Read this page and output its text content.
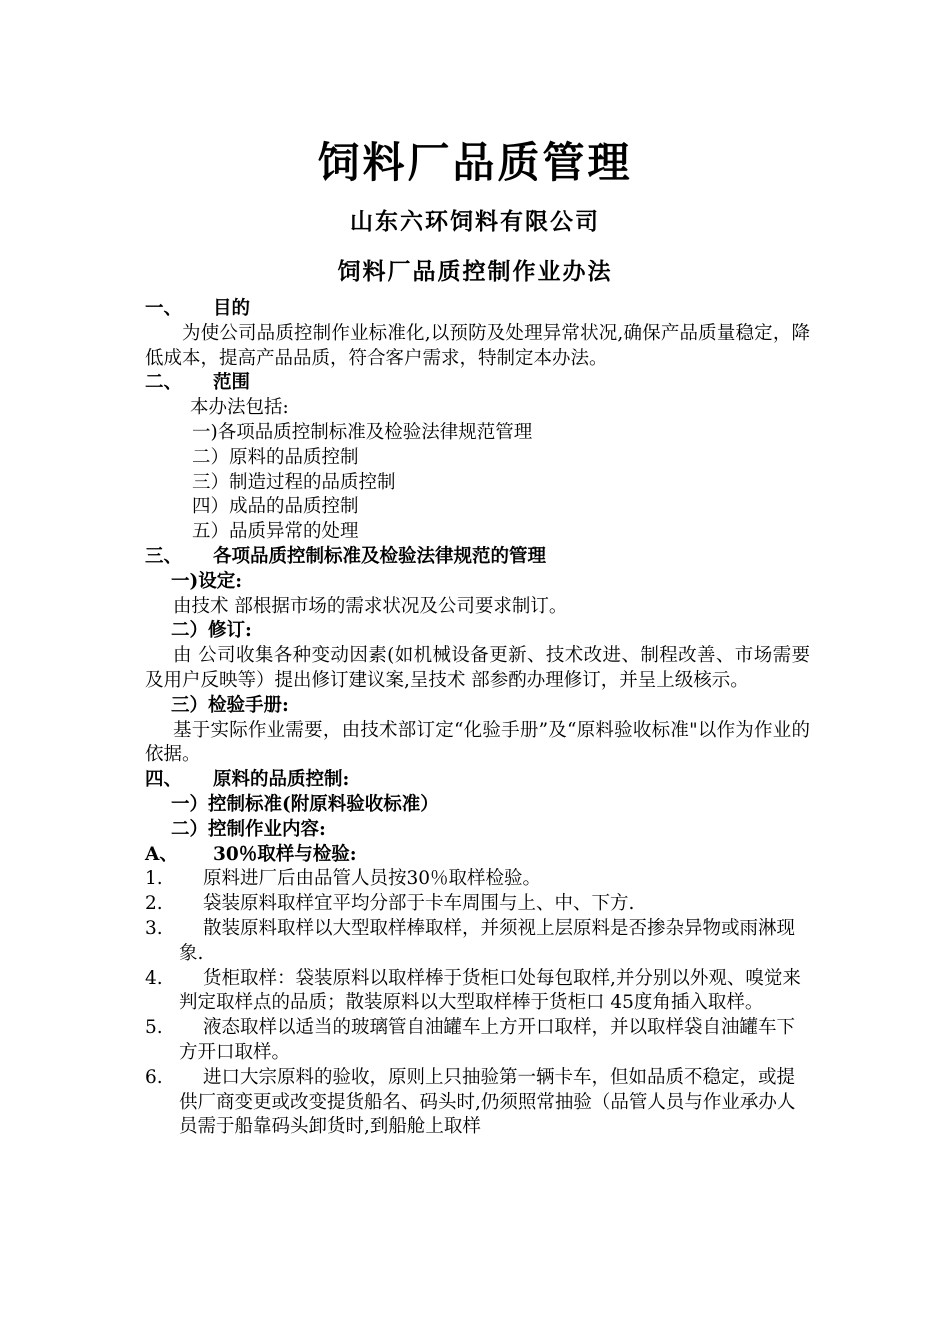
饲料厂品质管理
山东六环饲料有限公司
饲料厂品质控制作业办法

一、 目的

为使公司品质控制作业标准化,以预防及处理异常状况,确保产品质量稳定，降低成本，提高产品品质，符合客户需求，特制定本办法。

二、 范围

本办法包括:

一)各项品质控制标准及检验法律规范管理

二）原料的品质控制

三）制造过程的品质控制

四）成品的品质控制

五）品质异常的处理

三、 各项品质控制标准及检验法律规范的管理

一)设定:

由技术 部根据市场的需求状况及公司要求制订。

二）修订:

由 公司收集各种变动因素(如机械设备更新、技术改进、制程改善、市场需要及用户反映等）提出修订建议案,呈技术 部参酌办理修订，并呈上级核示。

三）检验手册:

基于实际作业需要，由技术部订定“化验手册”及“原料验收标准"以作为作业的依据。

四、 原料的品质控制:

一）控制标准(附原料验收标准）

二）控制作业内容:

A、 30％取样与检验:

1.	原料进厂后由品管人员按30％取样检验。

2.	袋装原料取样宜平均分部于卡车周围与上、中、下方.

3.	散装原料取样以大型取样棒取样，并须视上层原料是否掺杂异物或雨淋现象.

4.	货柜取样：袋装原料以取样棒于货柜口处每包取样,并分别以外观、嗅觉来判定取样点的品质；散装原料以大型取样棒于货柜口 45度角插入取样。

5.	液态取样以适当的玻璃管自油罐车上方开口取样，并以取样袋自油罐车下方开口取样。

6.	进口大宗原料的验收，原则上只抽验第一辆卡车，但如品质不稳定，或提供厂商变更或改变提货船名、码头时,仍须照常抽验（品管人员与作业承办人员需于船靠码头卸货时,到船舱上取样
